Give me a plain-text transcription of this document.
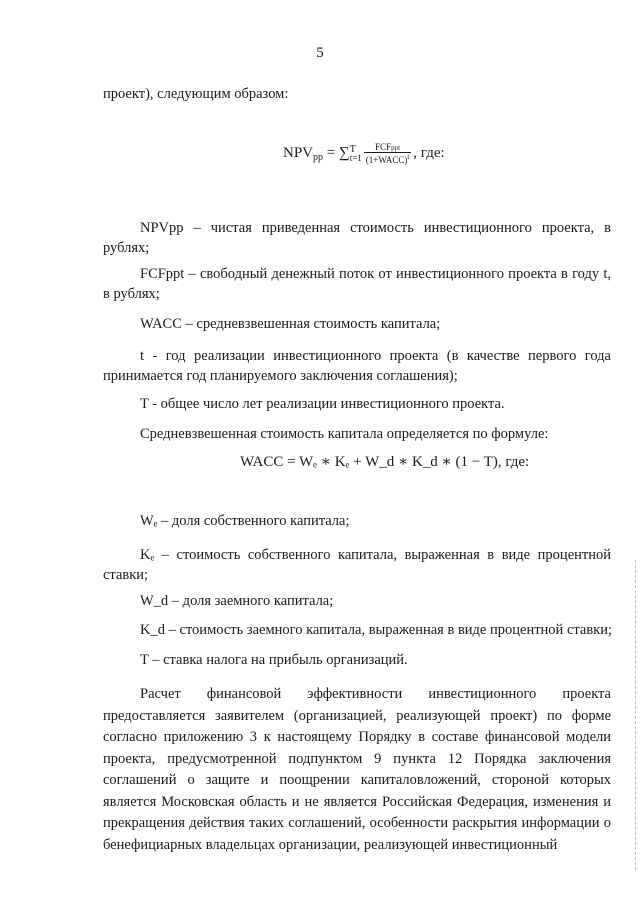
5
проект), следующим образом:
$NPV_{pp}$ = ∑ T
$t=1 \frac{\text{FCFppt}}{(1+WACC)^t}$ , где:
NPVpp – чистая приведенная стоимость инвестиционного проекта, в рублях;
FCFppt – свободный денежный поток от инвестиционного проекта в году t, в рублях;
WACC – средневзвешенная стоимость капитала;
t - год реализации инвестиционного проекта (в качестве первого года принимается год планируемого заключения соглашения);
T - общее число лет реализации инвестиционного проекта.
Средневзвешенная стоимость капитала определяется по формуле:
WACC = Wₑ ∗ Kₑ + W_d ∗ K_d ∗ (1 − T), где:
Wₑ – доля собственного капитала;
Kₑ – стоимость собственного капитала, выраженная в виде процентной ставки;
W_d – доля заемного капитала;
K_d – стоимость заемного капитала, выраженная в виде процентной ставки;
T – ставка налога на прибыль организаций.
Расчет финансовой эффективности инвестиционного проекта предоставляется заявителем (организацией, реализующей проект) по форме согласно приложению 3 к настоящему Порядку в составе финансовой модели проекта, предусмотренной подпунктом 9 пункта 12 Порядка заключения соглашений о защите и поощрении капиталовложений, стороной которых является Московская область и не является Российская Федерация, изменения и прекращения действия таких соглашений, особенности раскрытия информации о бенефициарных владельцах организации, реализующей инвестиционный
